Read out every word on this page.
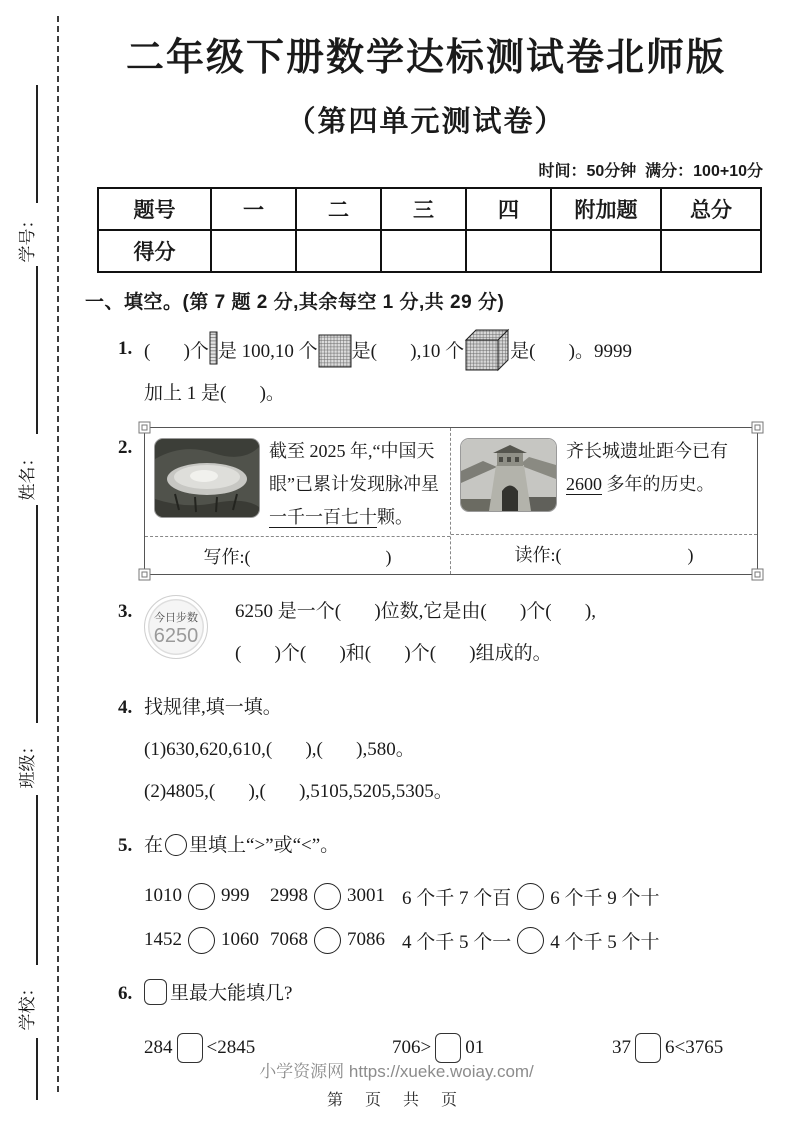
学号：
姓名：
班级：
学校：
二年级下册数学达标测试卷北师版
（第四单元测试卷）
时间：50分钟  满分：100+10分
题号	一	二	三	四	附加题	总分
得分						
一、填空。(第 7 题 2 分,其余每空 1 分,共 29 分)
1. (       )个 是 100,10 个 是(       ),10 个 是(       )。9999
加上 1 是(       )。
2.	截至 2025 年,“中国天眼”已累计发现脉冲星一千一百七十颗。
写作:(                              )
齐长城遗址距今已有 2600 多年的历史。
读作:(                            )
3.	今日步数
6250
6250 是一个(       )位数,它是由(       )个(       ),
(       )个(       )和(       )个(       )组成的。
4. 找规律,填一填。
(1)630,620,610,(       ),(       ),580。
(2)4805,(       ),(       ),5105,5205,5305。
5. 在 里填上“>”或“<”。
1010 999 2998 3001 6 个千 7 个百 6 个千 9 个十
1452 1060 7068 7086 4 个千 5 个一 4 个千 5 个十
6.	里最大能填几?
284 <2845	706> 01	37 6<3765
小学资源网 https://xueke.woiay.com/
第 页 共 页
